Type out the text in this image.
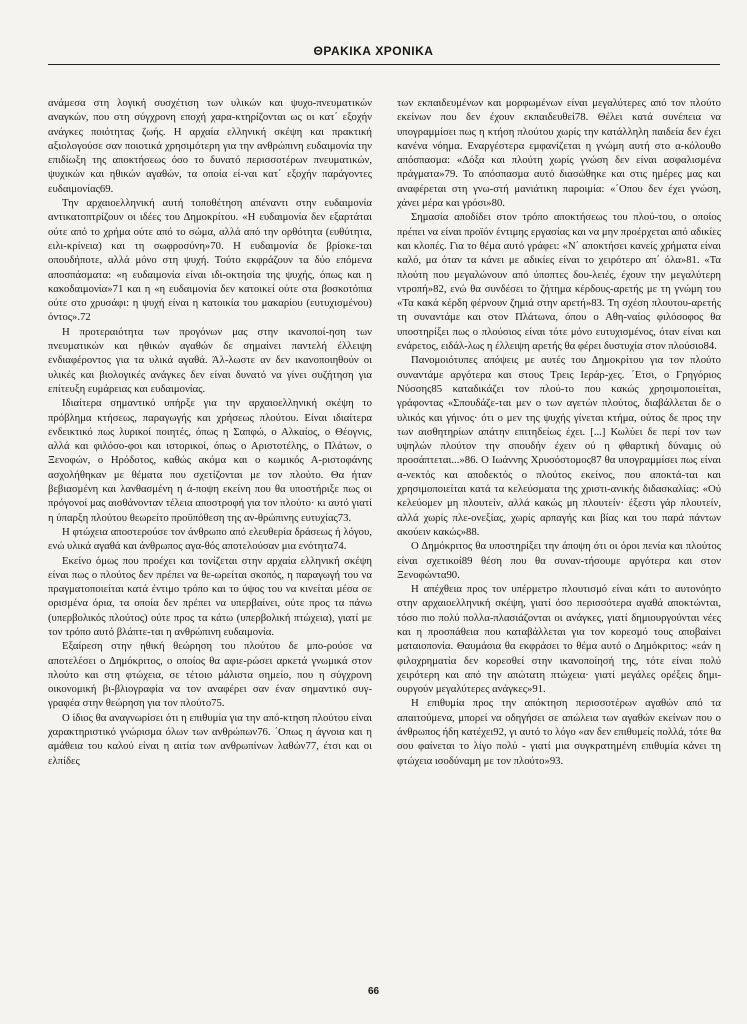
ΘΡΑΚΙΚΑ ΧΡΟΝΙΚΑ

ανάμεσα στη λογική συσχέτιση των υλικών και ψυχο-πνευματικών αναγκών, που στη σύγχρονη εποχή χαρα-κτηρίζονται ως οι κατ΄ εξοχήν ανάγκες ποιότητας ζωής. Η αρχαία ελληνική σκέψη και πρακτική αξιολογούσε σαν ποιοτικά χρησιμότερη για την ανθρώπινη ευδαιμονία την επιδίωξη της αποκτήσεως όσο το δυνατό περισσοτέρων πνευματικών, ψυχικών και ηθικών αγαθών, τα οποία εί-ναι κατ΄ εξοχήν παράγοντες ευδαιμονίας69.

Την αρχαιοελληνική αυτή τοποθέτηση απέναντι στην ευδαιμονία αντικατοπτρίζουν οι ιδέες του Δημοκρίτου. «Η ευδαιμονία δεν εξαρτάται ούτε από το χρήμα ούτε από το σώμα, αλλά από την ορθότητα (ευθύτητα, ειλι-κρίνεια) και τη σωφροσύνη»70. Η ευδαιμονία δε βρίσκε-ται οπουδήποτε, αλλά μόνο στη ψυχή. Τούτο εκφράζουν τα δύο επόμενα αποσπάσματα: «η ευδαιμονία είναι ιδι-οκτησία της ψυχής, όπως και η κακοδαιμονία»71 και η «η ευδαιμονία δεν κατοικεί ούτε στα βοσκοτόπια ούτε στο χρυσάφι: η ψυχή είναι η κατοικία του μακαρίου (ευτυχισμένου) όντος».72

Η προτεραιότητα των προγόνων μας στην ικανοποί-ηση των πνευματικών και ηθικών αγαθών δε σημαίνει παντελή έλλειψη ενδιαφέροντος για τα υλικά αγαθά. Άλ-λωστε αν δεν ικανοποιηθούν οι υλικές και βιολογικές ανάγκες δεν είναι δυνατό να γίνει συζήτηση για επίτευξη ευμάρειας και ευδαιμονίας.

Ιδιαίτερα σημαντικό υπήρξε για την αρχαιοελληνική σκέψη το πρόβλημα κτήσεως, παραγωγής και χρήσεως πλούτου. Είναι ιδιαίτερα ενδεικτικό πως λυρικοί ποιητές, όπως η Σαπφώ, ο Αλκαίος, ο Θέογνις, αλλά και φιλόσο-φοι και ιστορικοί, όπως ο Αριστοτέλης, ο Πλάτων, ο Ξενοφών, ο Ηρόδοτος, καθώς ακόμα και ο κωμικός Α-ριστοφάνης ασχολήθηκαν με θέματα που σχετίζονται με τον πλούτο. Θα ήταν βεβιασμένη και λανθασμένη η ά-ποψη εκείνη που θα υποστήριξε πως οι πρόγονοί μας αισθάνονταν τέλεια αποστροφή για τον πλούτο· κι αυτό γιατί η ύπαρξη πλούτου θεωρείτο προϋπόθεση της αν-θρώπινης ευτυχίας73.

Η φτώχεια αποστερούσε τον άνθρωπο από ελευθερία δράσεως ή λόγου, ενώ υλικά αγαθά και άνθρωπος αγα-θός αποτελούσαν μια ενότητα74.

Εκείνο όμως που προέχει και τονίζεται στην αρχαία ελληνική σκέψη είναι πως ο πλούτος δεν πρέπει να θε-ωρείται σκοπός, η παραγωγή του να πραγματοποιείται κατά έντιμο τρόπο και το ύψος του να κινείται μέσα σε ορισμένα όρια, τα οποία δεν πρέπει να υπερβαίνει, ούτε προς τα πάνω (υπερβολικός πλούτος) ούτε προς τα κάτω (υπερβολική πτώχεια), γιατί με τον τρόπο αυτό βλάπτε-ται η ανθρώπινη ευδαιμονία.

Εξαίρεση στην ηθική θεώρηση του πλούτου δε μπο-ρούσε να αποτελέσει ο Δημόκριτος, ο οποίος θα αφιε-ρώσει αρκετά γνωμικά στον πλούτο και στη φτώχεια, σε τέτοιο μάλιστα σημείο, που η σύγχρονη οικονομική βι-βλιογραφία να τον αναφέρει σαν έναν σημαντικό συγ-γραφέα στην θεώρηση για τον πλούτο75.

Ο ίδιος θα αναγνωρίσει ότι η επιθυμία για την από-κτηση πλούτου είναι χαρακτηριστικό γνώρισμα όλων των ανθρώπων76. ΄Οπως η άγνοια και η αμάθεια του καλού είναι η αιτία των ανθρωπίνων λαθών77, έτσι και οι ελπίδες

των εκπαιδευμένων και μορφωμένων είναι μεγαλύτερες από τον πλούτο εκείνων που δεν έχουν εκπαιδευθεί78. Θέλει κατά συνέπεια να υπογραμμίσει πως η κτήση πλούτου χωρίς την κατάλληλη παιδεία δεν έχει κανένα νόημα. Εναργέστερα εμφανίζεται η γνώμη αυτή στο α-κόλουθο απόσπασμα: «Δόξα και πλούτη χωρίς γνώση δεν είναι ασφαλισμένα πράγματα»79. Το απόσπασμα αυτό διασώθηκε και στις ημέρες μας και αναφέρεται στη γνω-στή μανιάτικη παροιμία: «΄Οπου δεν έχει γνώση, χάνει μέρα και γρόσι»80.

Σημασία αποδίδει στον τρόπο αποκτήσεως του πλού-του, ο οποίος πρέπει να είναι προϊόν έντιμης εργασίας και να μην προέρχεται από αδικίες και κλοπές. Για το θέμα αυτό γράφει: «Ν΄ αποκτήσει κανείς χρήματα είναι καλό, μα όταν τα κάνει με αδικίες είναι το χειρότερο απ΄ όλα»81. «Τα πλούτη που μεγαλώνουν από ύποπτες δου-λειές, έχουν την μεγαλύτερη ντροπή»82, ενώ θα συνδέσει το ζήτημα κέρδους-αρετής με τη γνώμη του «Τα κακά κέρδη φέρνουν ζημιά στην αρετή»83. Τη σχέση πλουτου-αρετής τη συναντάμε και στον Πλάτωνα, όπου ο Αθη-ναίος φιλόσοφος θα υποστηρίξει πως ο πλούσιος είναι τότε μόνο ευτυχισμένος, όταν είναι και ενάρετος, ειδάλ-λως η έλλειψη αρετής θα φέρει δυστυχία στον πλούσιο84.

Πανομοιότυπες απόψεις με αυτές του Δημοκρίτου για τον πλούτο συναντάμε αργότερα και στους Τρεις Ιεράρ-χες. ΄Ετσι, ο Γρηγόριος Νύσσης85 καταδικάζει τον πλού-το που κακώς χρησιμοποιείται, γράφοντας «Σπουδάζε-ται μεν ο των αγετών πλούτος, διαβάλλεται δε ο υλικός και γήινος· ότι ο μεν της ψυχής γίνεται κτήμα, ούτος δε προς την των αισθητηρίων απάτην επιτηδείως έχει. [...] Κωλύει δε περί τον των υψηλών πλούτον την σπουδήν έχειν ού η φθαρτική δύναμις ού προσάπτεται...»86. Ο Ιωάννης Χρυσόστομος87 θα υπογραμμίσει πως είναι α-νεκτός και αποδεκτός ο πλούτος εκείνος, που αποκτά-ται και χρησιμοποιείται κατά τα κελεύσματα της χριστι-ανικής διδασκαλίας: «Ού κελεύομεν μη πλουτείν, αλλά κακώς μη πλουτείν· έξεστι γάρ πλουτείν, αλλά χωρίς πλε-ονεξίας, χωρίς αρπαγής και βίας και του παρά πάντων ακούειν κακώς»88.

Ο Δημόκριτος θα υποστηρίξει την άποψη ότι οι όροι πενία και πλούτος είναι σχετικοί89 θέση που θα συναν-τήσουμε αργότερα και στον Ξενοφώντα90.

Η απέχθεια προς τον υπέρμετρο πλουτισμό είναι κάτι το αυτονόητο στην αρχαιοελληνική σκέψη, γιατί όσο περισσότερα αγαθά αποκτώνται, τόσο πιο πολύ πολλα-πλασιάζονται οι ανάγκες, γιατί δημιουργούνται νέες και η προσπάθεια που καταβάλλεται για τον κορεσμό τους αποβαίνει ματαιοπονία. Θαυμάσια θα εκφράσει το θέμα αυτό ο Δημόκριτος: «εάν η φιλοχρηματία δεν κορεσθεί στην ικανοποίησή της, τότε είναι πολύ χειρότερη και από την απώτατη πτώχεια· γιατί μεγάλες ορέξεις δημι-ουργούν μεγαλύτερες ανάγκες»91.

Η επιθυμία προς την απόκτηση περισσοτέρων αγαθών από τα απαιτούμενα, μπορεί να οδηγήσει σε απώλεια των αγαθών εκείνων που ο άνθρωπος ήδη κατέχει92, γι αυτό το λόγο «αν δεν επιθυμείς πολλά, τότε θα σου φαίνεται το λίγο πολύ - γιατί μια συγκρατημένη επιθυμία κάνει τη φτώχεια ισοδύναμη με τον πλούτο»93.

66
